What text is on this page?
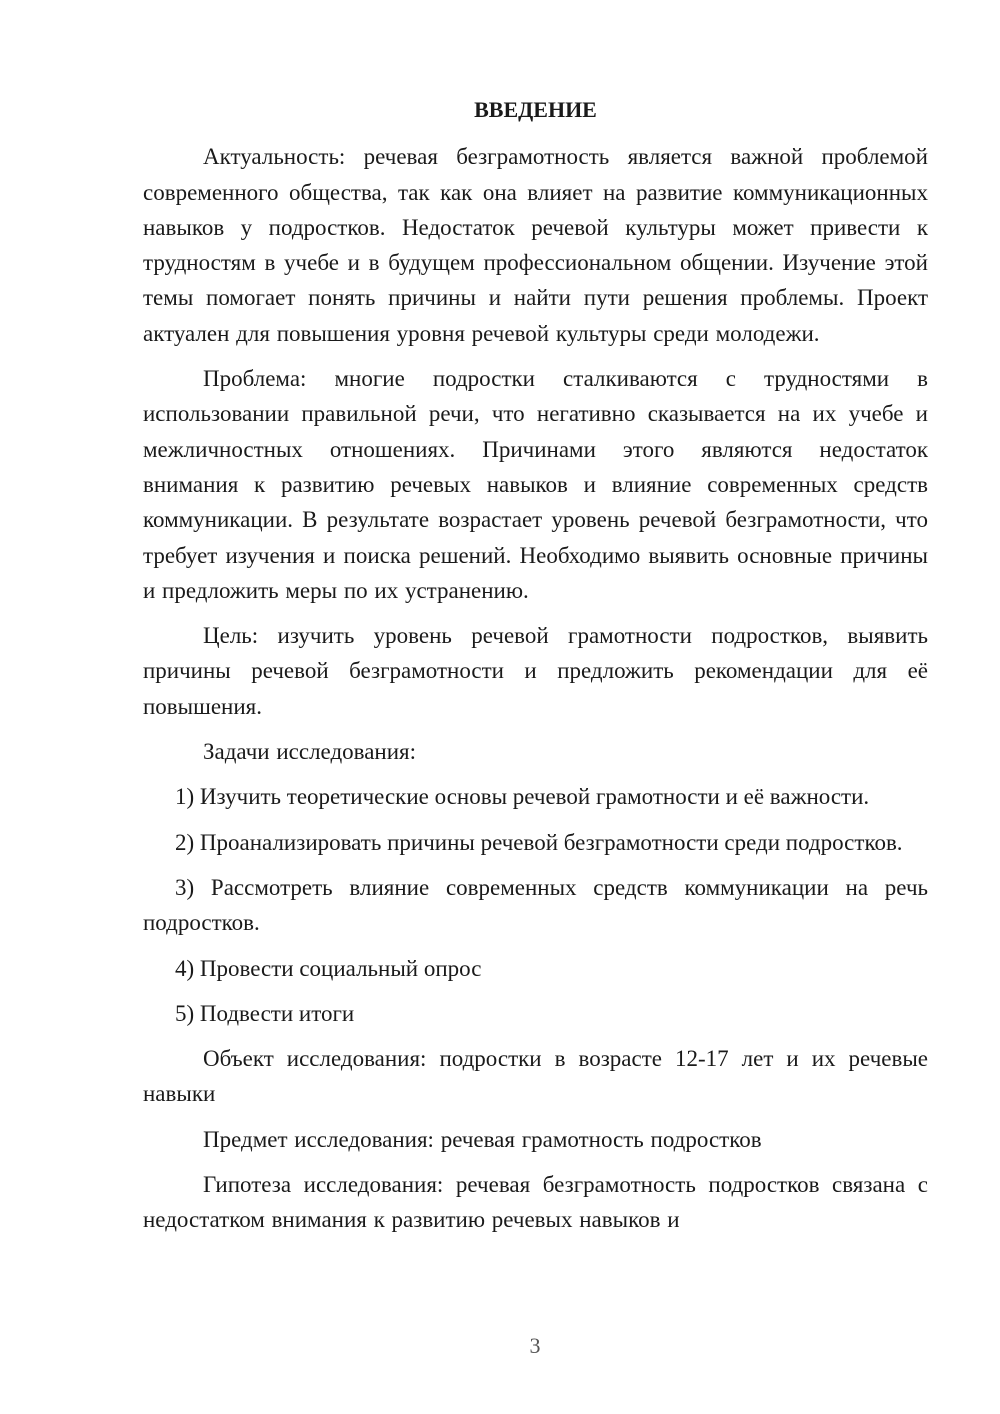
ВВЕДЕНИЕ

Актуальность: речевая безграмотность является важной проблемой современного общества, так как она влияет на развитие коммуникационных навыков у подростков. Недостаток речевой культуры может привести к трудностям в учебе и в будущем профессиональном общении. Изучение этой темы помогает понять причины и найти пути решения проблемы. Проект актуален для повышения уровня речевой культуры среди молодежи.

Проблема: многие подростки сталкиваются с трудностями в использовании правильной речи, что негативно сказывается на их учебе и межличностных отношениях. Причинами этого являются недостаток внимания к развитию речевых навыков и влияние современных средств коммуникации. В результате возрастает уровень речевой безграмотности, что требует изучения и поиска решений. Необходимо выявить основные причины и предложить меры по их устранению.

Цель: изучить уровень речевой грамотности подростков, выявить причины речевой безграмотности и предложить рекомендации для её повышения.

Задачи исследования:

1) Изучить теоретические основы речевой грамотности и её важности.

2) Проанализировать причины речевой безграмотности среди подростков.

3) Рассмотреть влияние современных средств коммуникации на речь подростков.

4) Провести социальный опрос

5) Подвести итоги

Объект исследования: подростки в возрасте 12-17 лет и их речевые навыки

Предмет исследования: речевая грамотность подростков

Гипотеза исследования: речевая безграмотность подростков связана с недостатком внимания к развитию речевых навыков и

3
